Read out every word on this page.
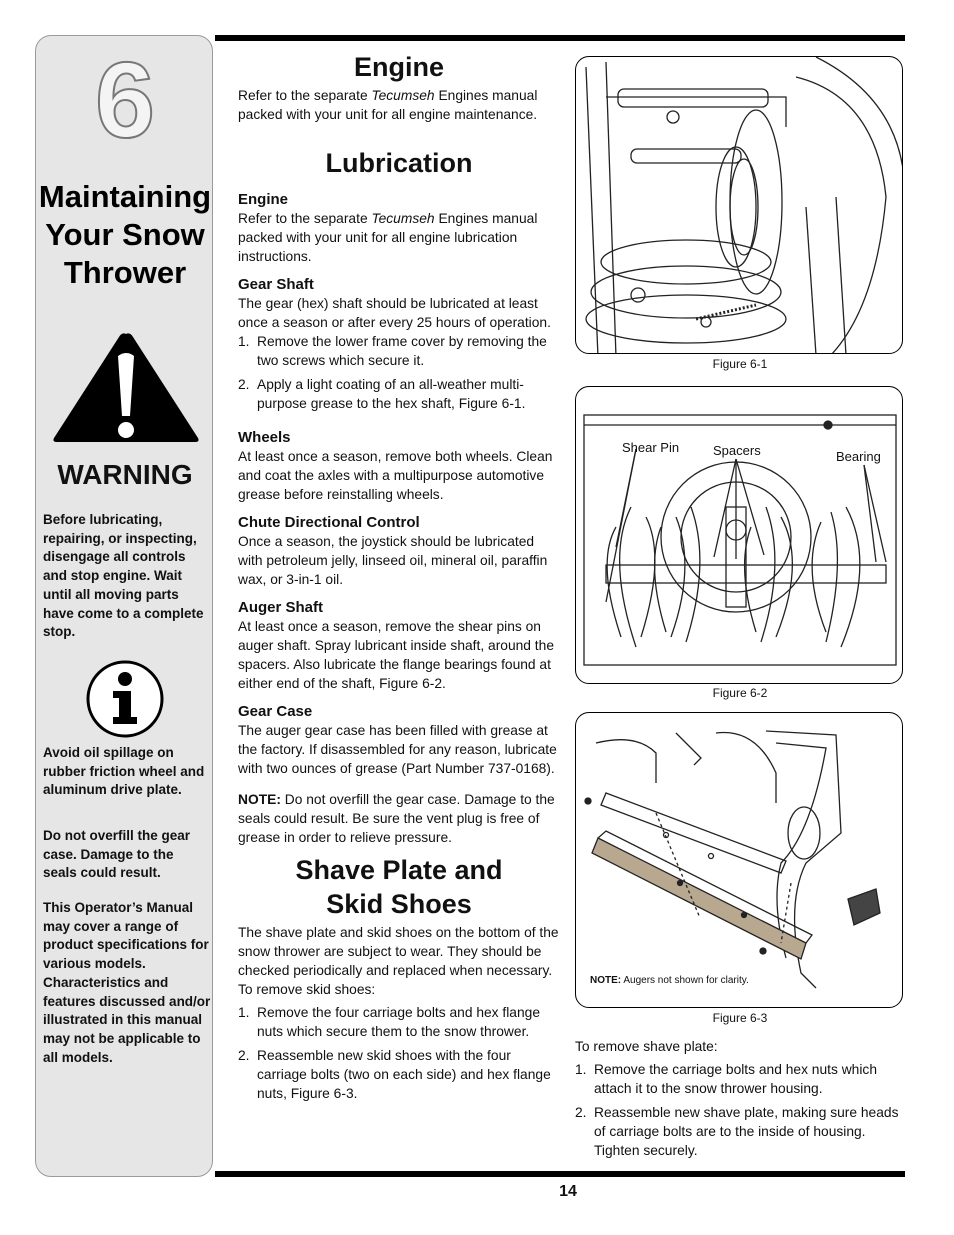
6
Maintaining
Your Snow
Thrower
WARNING
Before lubricating, repairing, or inspecting, disengage all controls and stop engine. Wait until all moving parts have come to a complete stop.
Avoid oil spillage on rubber friction wheel and aluminum drive plate.
Do not overfill the gear case. Damage to the seals could result.
This Operator’s Manual may cover a range of product specifications for various models. Characteristics and features discussed and/or illustrated in this manual may not be applicable to all models.
Engine

Refer to the separate Tecumseh Engines manual packed with your unit for all engine maintenance.

Lubrication
Engine

Refer to the separate Tecumseh Engines manual packed with your unit for all engine lubrication instructions.

Gear Shaft

The gear (hex) shaft should be lubricated at least once a season or after every 25 hours of operation.

1. Remove the lower frame cover by removing the two screws which secure it.
2. Apply a light coating of an all-weather multi-purpose grease to the hex shaft, Figure 6-1.
Wheels

At least once a season, remove both wheels. Clean and coat the axles with a multipurpose automotive grease before reinstalling wheels.

Chute Directional Control

Once a season, the joystick should be lubricated with petroleum jelly, linseed oil, mineral oil, paraffin wax, or 3-in-1 oil.

Auger Shaft

At least once a season, remove the shear pins on auger shaft. Spray lubricant inside shaft, around the spacers. Also lubricate the flange bearings found at either end of the shaft, Figure 6-2.

Gear Case

The auger gear case has been filled with grease at the factory. If disassembled for any reason, lubricate with two ounces of grease (Part Number 737-0168).

NOTE: Do not overfill the gear case. Damage to the seals could result. Be sure the vent plug is free of grease in order to relieve pressure.

Shave Plate and
Skid Shoes

The shave plate and skid shoes on the bottom of the snow thrower are subject to wear. They should be checked periodically and replaced when necessary.

To remove skid shoes:

1. Remove the four carriage bolts and hex flange nuts which secure them to the snow thrower.
2. Reassemble new skid shoes with the four carriage bolts (two on each side) and hex flange nuts, Figure 6-3.
Figure 6-1
Shear Pin	Spacers	Bearing
Figure 6-2
NOTE: Augers not shown for clarity.
Figure 6-3

To remove shave plate:

1. Remove the carriage bolts and hex nuts which attach it to the snow thrower housing.
2. Reassemble new shave plate, making sure heads of carriage bolts are to the inside of housing. Tighten securely.
14
